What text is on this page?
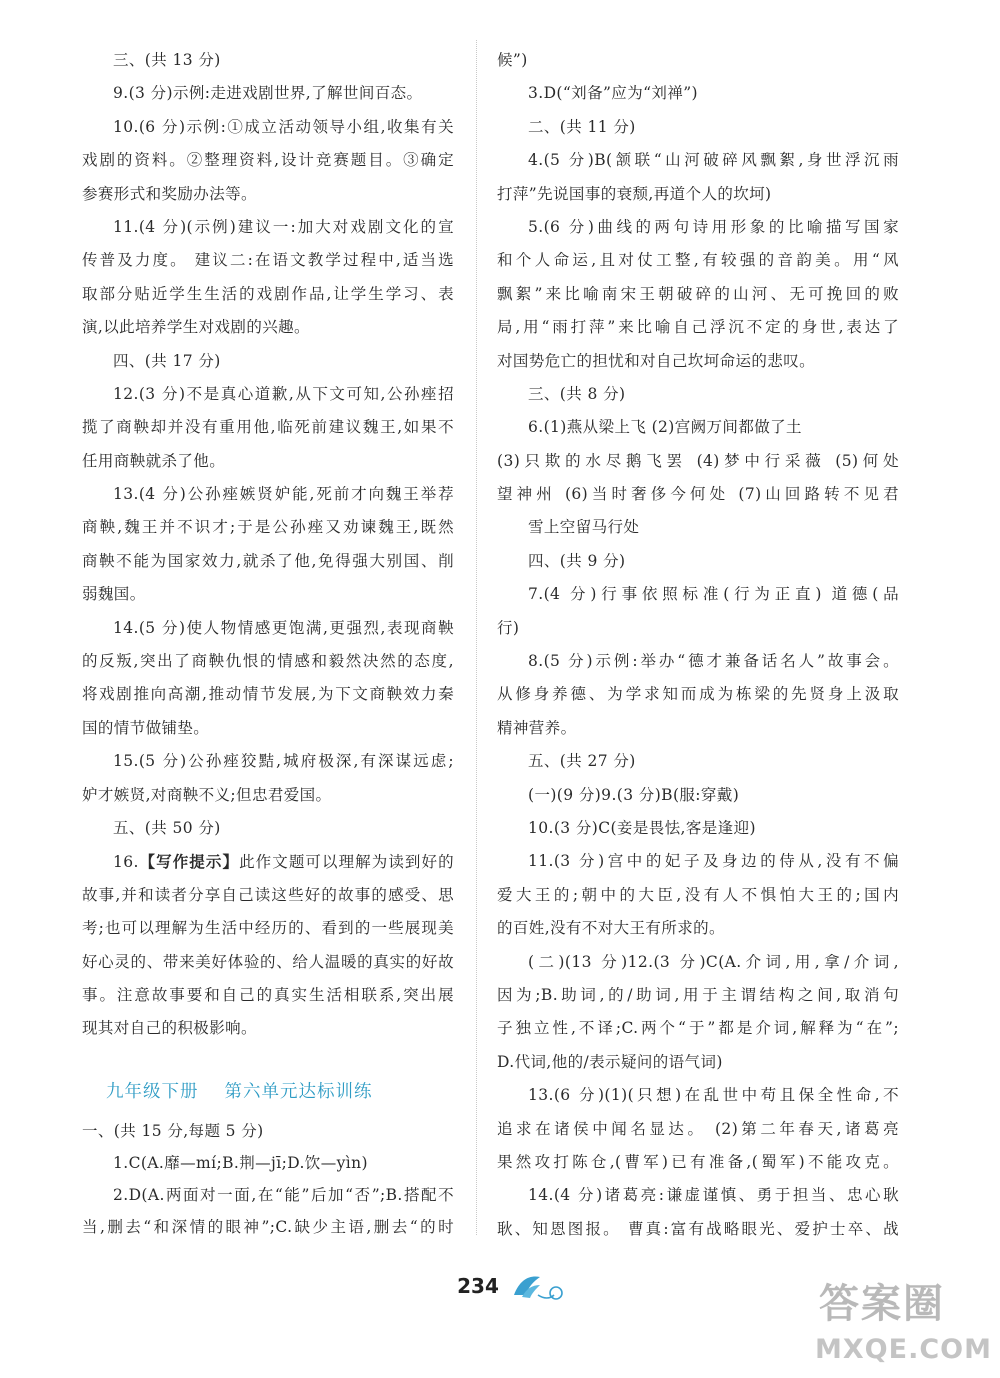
三、(共 13 分)
9.(3 分)示例:走进戏剧世界,了解世间百态。
10.(6 分)示例:①成立活动领导小组,收集有关
戏剧的资料。②整理资料,设计竞赛题目。③确定
参赛形式和奖励办法等。
11.(4 分)(示例)建议一:加大对戏剧文化的宣
传普及力度。 建议二:在语文教学过程中,适当选
取部分贴近学生生活的戏剧作品,让学生学习、表
演,以此培养学生对戏剧的兴趣。
四、(共 17 分)
12.(3 分)不是真心道歉,从下文可知,公孙痤招
揽了商鞅却并没有重用他,临死前建议魏王,如果不
任用商鞅就杀了他。
13.(4 分)公孙痤嫉贤妒能,死前才向魏王举荐
商鞅,魏王并不识才;于是公孙痤又劝谏魏王,既然
商鞅不能为国家效力,就杀了他,免得强大别国、削
弱魏国。
14.(5 分)使人物情感更饱满,更强烈,表现商鞅
的反叛,突出了商鞅仇恨的情感和毅然决然的态度,
将戏剧推向高潮,推动情节发展,为下文商鞅效力秦
国的情节做铺垫。
15.(5 分)公孙痤狡黠,城府极深,有深谋远虑;
妒才嫉贤,对商鞅不义;但忠君爱国。
五、(共 50 分)
16.【写作提示】此作文题可以理解为读到好的
故事,并和读者分享自己读这些好的故事的感受、思
考;也可以理解为生活中经历的、看到的一些展现美
好心灵的、带来美好体验的、给人温暖的真实的好故
事。注意故事要和自己的真实生活相联系,突出展
现其对自己的积极影响。
九年级下册 第六单元达标训练
一、(共 15 分,每题 5 分)
1.C(A.靡—mí;B.荆—jī;D.饮—yìn)
2.D(A.两面对一面,在“能”后加“否”;B.搭配不
当,删去“和深情的眼神”;C.缺少主语,删去“的时
候”)
3.D(“刘备”应为“刘禅”)
二、(共 11 分)
4.(5 分)B(颔联“山河破碎风飘絮,身世浮沉雨
打萍”先说国事的衰颓,再道个人的坎坷)
5.(6 分)曲线的两句诗用形象的比喻描写国家
和个人命运,且对仗工整,有较强的音韵美。用“风
飘絮”来比喻南宋王朝破碎的山河、无可挽回的败
局,用“雨打萍”来比喻自己浮沉不定的身世,表达了
对国势危亡的担忧和对自己坎坷命运的悲叹。
三、(共 8 分)
6.(1)燕从梁上飞 (2)宫阙万间都做了土
(3)只欺的水尽鹅飞罢 (4)梦中行采薇 (5)何处
望神州 (6)当时奢侈今何处 (7)山回路转不见君
雪上空留马行处
四、(共 9 分)
7.(4 分)行事依照标准(行为正直) 道德(品
行)
8.(5 分)示例:举办“德才兼备话名人”故事会。
从修身养德、为学求知而成为栋梁的先贤身上汲取
精神营养。
五、(共 27 分)
(一)(9 分)9.(3 分)B(服:穿戴)
10.(3 分)C(妾是畏怯,客是逢迎)
11.(3 分)宫中的妃子及身边的侍从,没有不偏
爱大王的;朝中的大臣,没有人不惧怕大王的;国内
的百姓,没有不对大王有所求的。
(二)(13 分)12.(3 分)C(A.介词,用,拿/介词,
因为;B.助词,的/助词,用于主谓结构之间,取消句
子独立性,不译;C.两个“于”都是介词,解释为“在”;
D.代词,他的/表示疑问的语气词)
13.(6 分)(1)(只想)在乱世中苟且保全性命,不
追求在诸侯中闻名显达。 (2)第二年春天,诸葛亮
果然攻打陈仓,(曹军)已有准备,(蜀军)不能攻克。
14.(4 分)诸葛亮:谦虚谨慎、勇于担当、忠心耿
耿、知恩图报。 曹真:富有战略眼光、爱护士卒、战
234	答案圈
MXQE.COM
